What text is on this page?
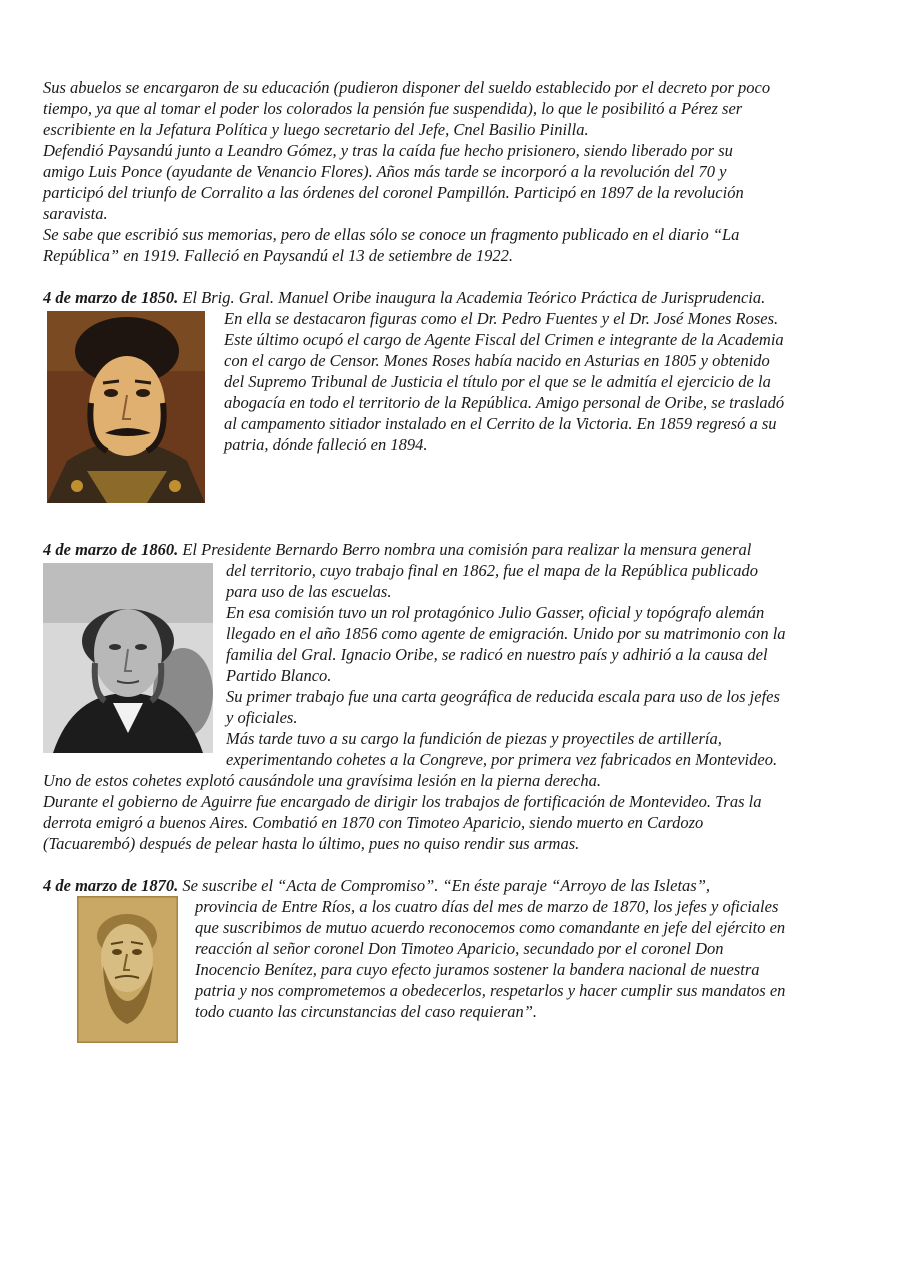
Sus abuelos se encargaron de su educación (pudieron disponer del sueldo establecido por el decreto por poco
tiempo, ya que al tomar el poder los colorados la pensión fue suspendida), lo que le posibilitó a Pérez ser
escribiente en la Jefatura Política y luego secretario del Jefe, Cnel Basilio Pinilla.
Defendió Paysandú junto a Leandro Gómez, y tras la caída fue hecho prisionero, siendo liberado por su
amigo Luis Ponce (ayudante de Venancio Flores). Años más tarde se incorporó a la revolución del 70 y
participó del triunfo de Corralito a las órdenes del coronel Pampillón. Participó en 1897 de la revolución
saravista.
Se sabe que escribió sus memorias, pero de ellas sólo se conoce un fragmento publicado en el diario “La
República” en 1919. Falleció en Paysandú el 13 de setiembre de 1922.
4 de marzo de 1850. El Brig. Gral. Manuel Oribe inaugura la Academia Teórico Práctica de Jurisprudencia.
En ella se destacaron figuras como el Dr. Pedro Fuentes y el Dr. José Mones Roses.
Este último ocupó el cargo de Agente Fiscal del Crimen e integrante de la Academia
con el cargo de Censor. Mones Roses había nacido en Asturias en 1805 y obtenido
del Supremo Tribunal de Justicia el título por el que se le admitía el ejercicio de la
abogacía en todo el territorio de la República. Amigo personal de Oribe, se trasladó
al campamento sitiador instalado en el Cerrito de la Victoria. En 1859 regresó a su
patria, dónde falleció en 1894.
4 de marzo de 1860. El Presidente Bernardo Berro nombra una comisión para realizar la mensura general
del territorio, cuyo trabajo final en 1862, fue el mapa de la República publicado
para uso de las escuelas.
En esa comisión tuvo un rol protagónico Julio Gasser, oficial y topógrafo alemán
llegado en el año 1856 como agente de emigración. Unido por su matrimonio con la
familia del Gral. Ignacio Oribe, se radicó en nuestro país y adhirió a la causa del
Partido Blanco.
Su primer trabajo fue una carta geográfica de reducida escala para uso de los jefes
y oficiales.
Más tarde tuvo a su cargo la fundición de piezas y proyectiles de artillería,
experimentando cohetes a la Congreve, por primera vez fabricados en Montevideo.
Uno de estos cohetes explotó causándole una gravísima lesión en la pierna derecha.
Durante el gobierno de Aguirre fue encargado de dirigir los trabajos de fortificación de Montevideo. Tras la
derrota emigró a buenos Aires. Combatió en 1870 con Timoteo Aparicio, siendo muerto en Cardozo
(Tacuarembó) después de pelear hasta lo último, pues no quiso rendir sus armas.
4 de marzo de 1870. Se suscribe el “Acta de Compromiso”. “En éste paraje “Arroyo de las Isletas”,
provincia de Entre Ríos, a los cuatro días del mes de marzo de 1870, los jefes y oficiales
que suscribimos de mutuo acuerdo reconocemos como comandante en jefe del ejército en
reacción al señor coronel Don Timoteo Aparicio, secundado por el coronel Don
Inocencio Benítez, para cuyo efecto juramos sostener la bandera nacional de nuestra
patria y nos comprometemos a obedecerlos, respetarlos y hacer cumplir sus mandatos en
todo cuanto las circunstancias del caso requieran”.
